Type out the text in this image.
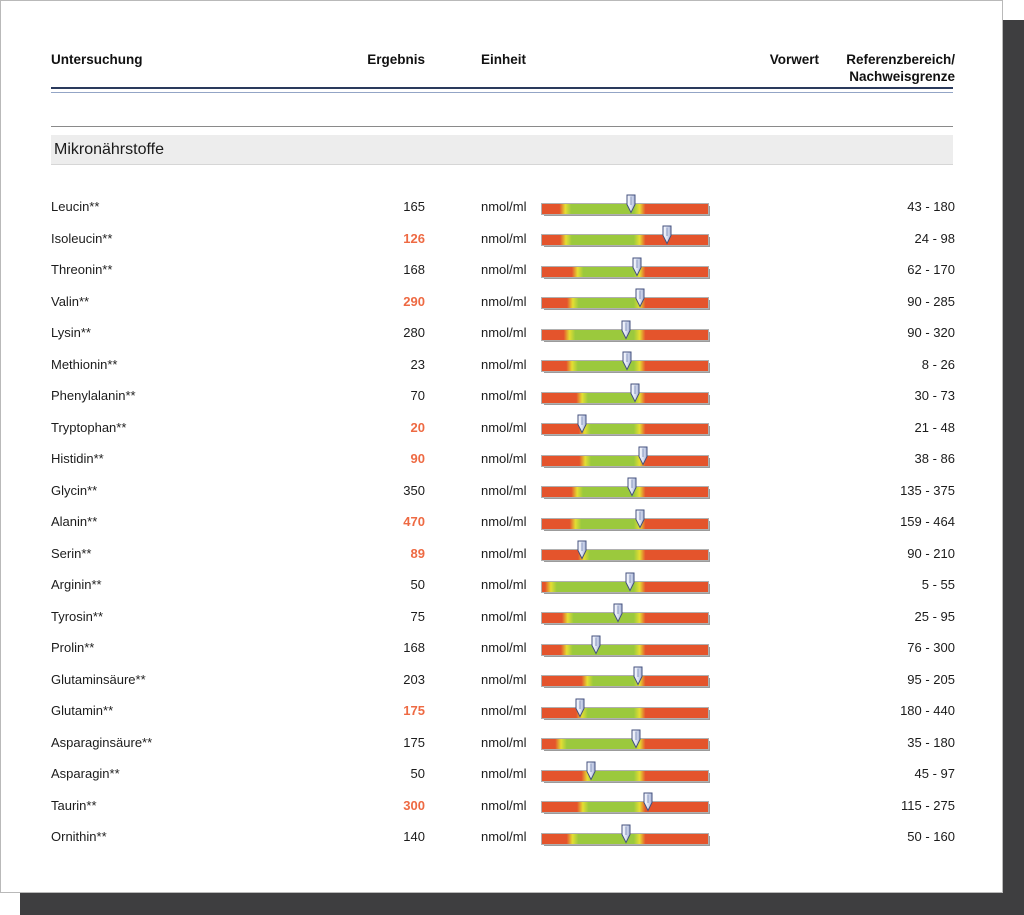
Untersuchung	Ergebnis	Einheit	Vorwert	Referenzbereich/
Nachweisgrenze
Mikronährstoffe
Leucin**	165	nmol/ml	43 - 180
Isoleucin**	126	nmol/ml	24 - 98
Threonin**	168	nmol/ml	62 - 170
Valin**	290	nmol/ml	90 - 285
Lysin**	280	nmol/ml	90 - 320
Methionin**	23	nmol/ml	8 - 26
Phenylalanin**	70	nmol/ml	30 - 73
Tryptophan**	20	nmol/ml	21 - 48
Histidin**	90	nmol/ml	38 - 86
Glycin**	350	nmol/ml	135 - 375
Alanin**	470	nmol/ml	159 - 464
Serin**	89	nmol/ml	90 - 210
Arginin**	50	nmol/ml	5 - 55
Tyrosin**	75	nmol/ml	25 - 95
Prolin**	168	nmol/ml	76 - 300
Glutaminsäure**	203	nmol/ml	95 - 205
Glutamin**	175	nmol/ml	180 - 440
Asparaginsäure**	175	nmol/ml	35 - 180
Asparagin**	50	nmol/ml	45 - 97
Taurin**	300	nmol/ml	115 - 275
Ornithin**	140	nmol/ml	50 - 160
